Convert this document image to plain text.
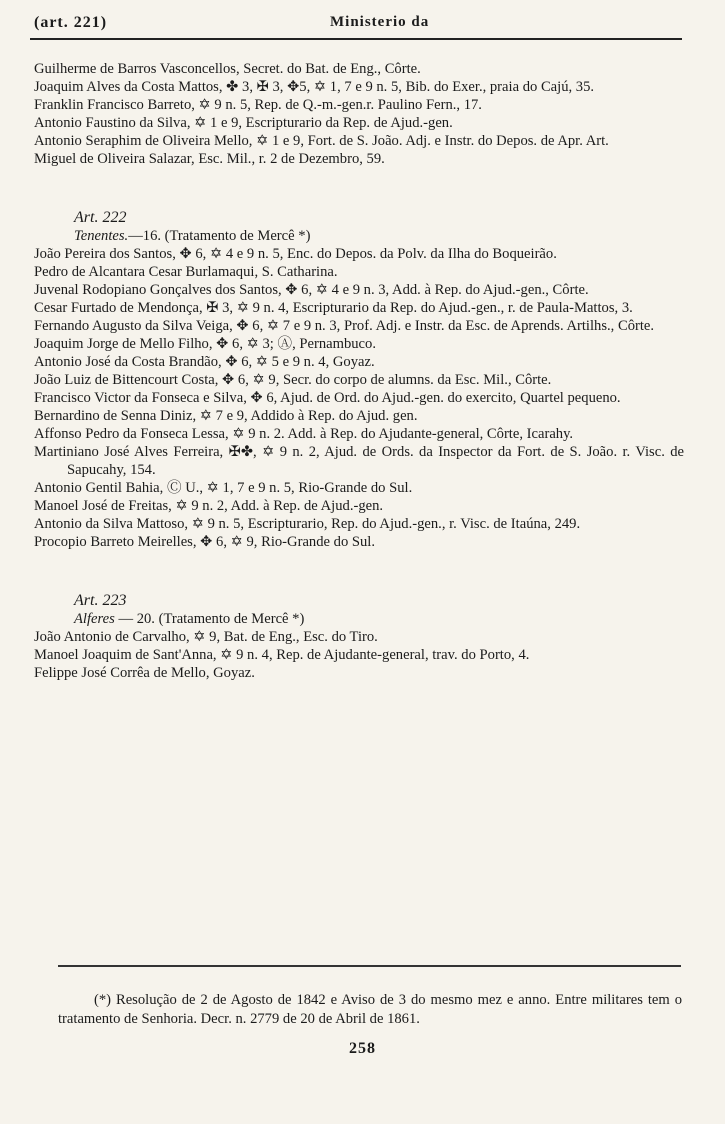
(art. 221)	Ministerio da

Guilherme de Barros Vasconcellos, Secret. do Bat. de Eng., Côrte.

Joaquim Alves da Costa Mattos, ✤ 3, ✠ 3, ✥5, ✡ 1, 7 e 9 n. 5, Bib. do Exer., praia do Cajú, 35.

Franklin Francisco Barreto, ✡ 9 n. 5, Rep. de Q.-m.-gen.r. Paulino Fern., 17.

Antonio Faustino da Silva, ✡ 1 e 9, Escripturario da Rep. de Ajud.-gen.

Antonio Seraphim de Oliveira Mello, ✡ 1 e 9, Fort. de S. João. Adj. e Instr. do Depos. de Apr. Art.

Miguel de Oliveira Salazar, Esc. Mil., r. 2 de Dezembro, 59.

Art. 222

Tenentes.—16. (Tratamento de Mercê *)

João Pereira dos Santos, ✥ 6, ✡ 4 e 9 n. 5, Enc. do Depos. da Polv. da Ilha do Boqueirão.

Pedro de Alcantara Cesar Burlamaqui, S. Catharina.

Juvenal Rodopiano Gonçalves dos Santos, ✥ 6, ✡ 4 e 9 n. 3, Add. à Rep. do Ajud.-gen., Côrte.

Cesar Furtado de Mendonça, ✠ 3, ✡ 9 n. 4, Escripturario da Rep. do Ajud.-gen., r. de Paula-Mattos, 3.

Fernando Augusto da Silva Veiga, ✥ 6, ✡ 7 e 9 n. 3, Prof. Adj. e Instr. da Esc. de Aprends. Artilhs., Côrte.

Joaquim Jorge de Mello Filho, ✥ 6, ✡ 3; Ⓐ, Pernambuco.

Antonio José da Costa Brandão, ✥ 6, ✡ 5 e 9 n. 4, Goyaz.

João Luiz de Bittencourt Costa, ✥ 6, ✡ 9, Secr. do corpo de alumns. da Esc. Mil., Côrte.

Francisco Victor da Fonseca e Silva, ✥ 6, Ajud. de Ord. do Ajud.-gen. do exercito, Quartel pequeno.

Bernardino de Senna Diniz, ✡ 7 e 9, Addido à Rep. do Ajud. gen.

Affonso Pedro da Fonseca Lessa, ✡ 9 n. 2. Add. à Rep. do Ajudante-general, Côrte, Icarahy.

Martiniano José Alves Ferreira, ✠✤, ✡ 9 n. 2, Ajud. de Ords. da Inspector da Fort. de S. João. r. Visc. de Sapucahy, 154.

Antonio Gentil Bahia, Ⓒ U., ✡ 1, 7 e 9 n. 5, Rio-Grande do Sul.

Manoel José de Freitas, ✡ 9 n. 2, Add. à Rep. de Ajud.-gen.

Antonio da Silva Mattoso, ✡ 9 n. 5, Escripturario, Rep. do Ajud.-gen., r. Visc. de Itaúna, 249.

Procopio Barreto Meirelles, ✥ 6, ✡ 9, Rio-Grande do Sul.

Art. 223

Alferes — 20. (Tratamento de Mercê *)

João Antonio de Carvalho, ✡ 9, Bat. de Eng., Esc. do Tiro.

Manoel Joaquim de Sant'Anna, ✡ 9 n. 4, Rep. de Ajudante-general, trav. do Porto, 4.

Felippe José Corrêa de Mello, Goyaz.

(*) Resolução de 2 de Agosto de 1842 e Aviso de 3 do mesmo mez e anno. Entre militares tem o tratamento de Senhoria. Decr. n. 2779 de 20 de Abril de 1861.

258
